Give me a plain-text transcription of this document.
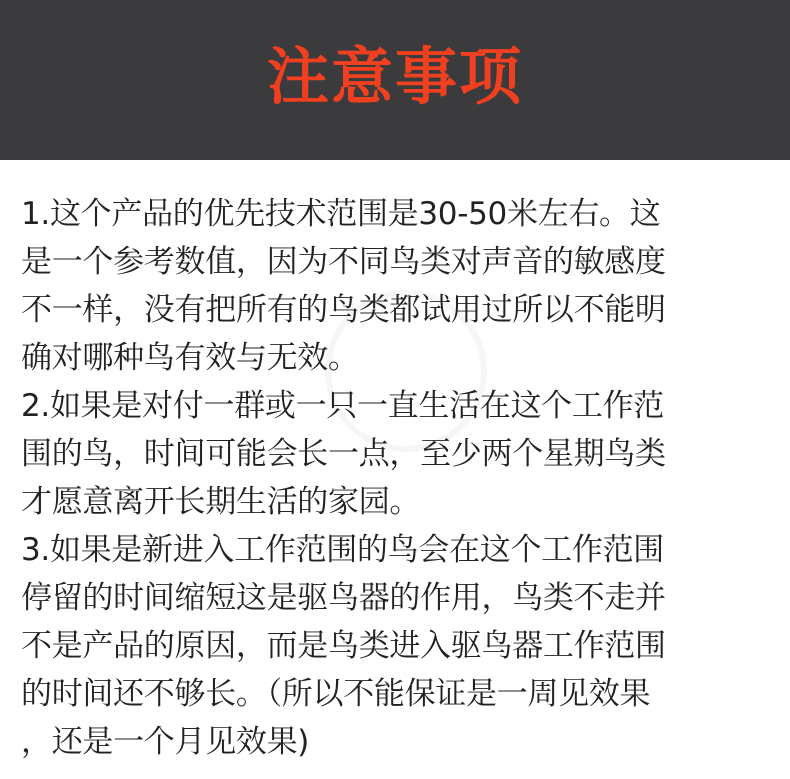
注意事项
1.这个产品的优先技术范围是30-50米左右。这
是一个参考数值，因为不同鸟类对声音的敏感度
不一样，没有把所有的鸟类都试用过所以不能明
确对哪种鸟有效与无效。
2.如果是对付一群或一只一直生活在这个工作范
围的鸟，时间可能会长一点，至少两个星期鸟类
才愿意离开长期生活的家园。
3.如果是新进入工作范围的鸟会在这个工作范围
停留的时间缩短这是驱鸟器的作用，鸟类不走并
不是产品的原因，而是鸟类进入驱鸟器工作范围
的时间还不够长。（所以不能保证是一周见效果
，还是一个月见效果)
